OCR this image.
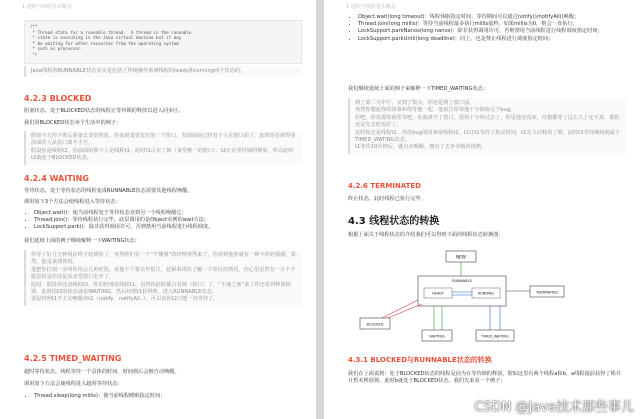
1 进程与线程基本概念
/**
* Thread state for a runnable thread.  A thread in the runnable
* state is executing in the Java virtual machine but it may
* be waiting for other resources from the operating system
* such as processor.
*/

Java线程的RUNNABLE状态其实是包括了传统操作系统线程的ready和running两个状态的。

4.2.3 BLOCKED

阻塞状态。处于BLOCKED状态的线程正等待锁的释放以进入同步区。

我们用BLOCKED状态举个生活中的例子：

假如今天你下班后准备去食堂吃饭。你来到食堂仅有的一个窗口，发现前面已经有个人在窗口前了，此时你必须得等前面的人从窗口离开才行。

假设你是线程t2，你前面的那个人是线程t1。此时t1占有了锁（食堂唯一的窗口），t2正在等待锁的释放，所以此时t2就处于BLOCKED状态。

4.2.4 WAITING

等待状态。处于等待状态的线程变成RUNNABLE状态需要其他线程唤醒。

调用如下3个方法会使线程进入等待状态：

• Object.wait()：使当前线程处于等待状态直到另一个线程唤醒它；
• Thread.join()：等待线程执行完毕，底层调用的是Object实例的wait方法；
• LockSupport.park()：除非获得调用许可，否则禁用当前线程进行线程调度。

我们延续上面的例子继续解释一下WAITING状态：

你等了好几分钟现在终于轮到你了，突然你们有一个“不懂事”的经理突然来了。你看到他你就有一种不祥的预感，果然，他是来找你的。

他把你拉到一旁叫你待会儿再吃饭，说他下午要去作报告，赶紧来找你了解一下项目的情况。你心里虽然有一万个不愿意但是你还是从食堂窗口走开了。

此时，假设你还是线程t2，你的经理是线程t1。虽然你此时都占有锁（窗口）了，“不速之客”来了你还是得释放掉锁。此时你t2的状态就是WAITING。然后经理t1获得锁，进入RUNNABLE状态。

要是经理t1不主动唤醒你t2（notify、notifyAll..），可以说你t2只能一直等待了。

4.2.5 TIMED_WAITING

超时等待状态。线程等待一个具体的时间，时间到后会被自动唤醒。

调用如下方法会使线程进入超时等待状态：

• Thread.sleep(long millis)：使当前线程睡眠指定时间；
1 进程与线程基本概念
• Object.wait(long timeout)：线程休眠指定时间，等待期间可以通过notify()/notifyAll()唤醒；
• Thread.join(long millis)：等待当前线程最多执行millis毫秒，如果millis为0，则会一直执行；
• LockSupport.parkNanos(long nanos)：除非获得调用许可，否则禁用当前线程进行线程调度指定时间；
• LockSupport.parkUntil(long deadline)：同上，也是禁止线程进行调度指定时间；

我们继续延续上面的例子来解释一下TIMED_WAITING状态：

到了第二天中午，又到了饭点，你还是到了窗口前。

突然你想起你的同事叫你等他一起，他说让你等他十分钟改完个bug。

好吧，你说那你就等等吧，你就离开了窗口。很快十分钟过去了，你见他还没来，你想都等了这么久了还不来，那你还是先去吃饭好了。

这时你还是线程t1，你改bug的同事是线程t2。t2让t1等待了指定时间，t1先主动释放了锁。此时t1等待期间就属于TIMED_WATING状态。

t1等待10分钟后，就自动唤醒，拥有了去争夺锁的资格。

4.2.6 TERMINATED

终止状态。此时线程已执行完毕。

4.3 线程状态的转换

根据上面关于线程状态的介绍我们可以得到下面的线程状态转换图：

NEW
RUNNABLE
READY	RUNNING
BLOCKED
WAITING	TIMED_WAITING
TERMINATED
4.3.1 BLOCKED与RUNNABLE状态的转换

我们在上面说到：处于BLOCKED状态的线程是因为在等待锁的释放。假如这里有两个线程a和b，a线程提前获得了锁并且暂未释放锁，此时b就处于BLOCKED状态。我们先来看一个例子：

CSDN @Java技术那些事儿
